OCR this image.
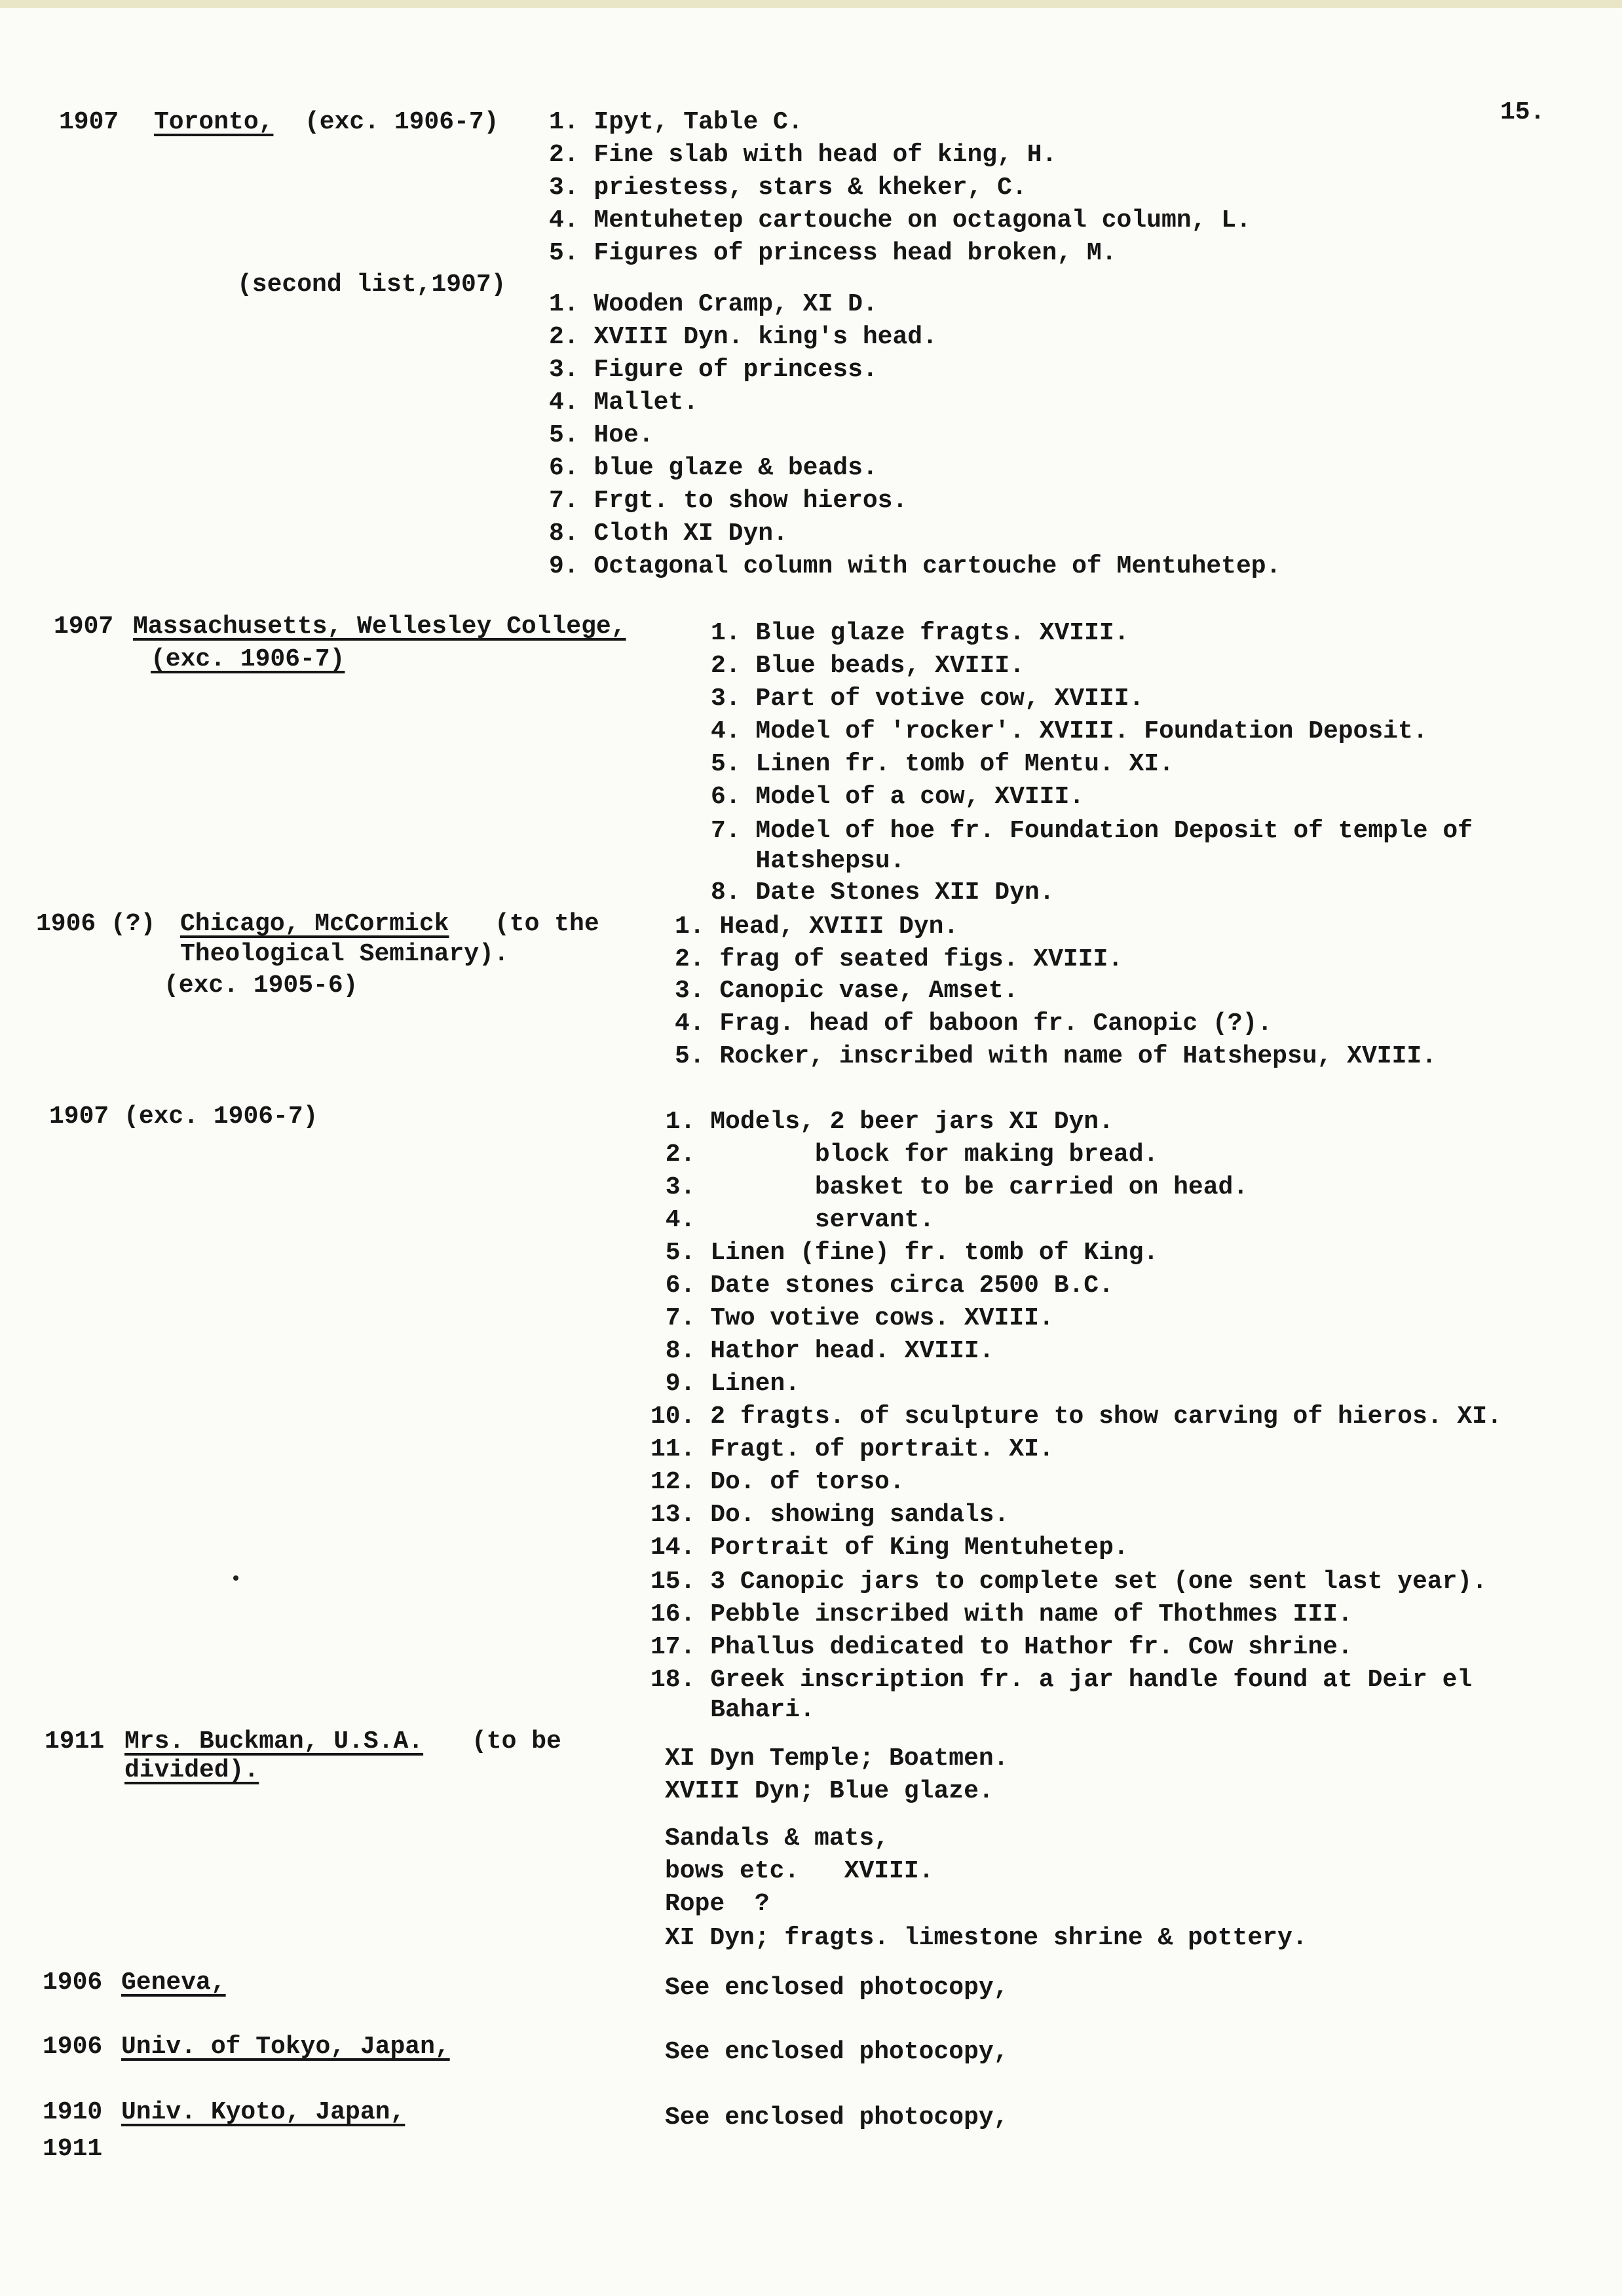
15.
1907 Toronto, (exc. 1906-7) 1. Ipyt, Table C.
2. Fine slab with head of king, H.
3. priestess, stars & kheker, C.
4. Mentuhetep cartouche on octagonal column, L.
5. Figures of princess head broken, M.
(second list,1907)
1. Wooden Cramp, XI D.
2. XVIII Dyn. king's head.
3. Figure of princess.
4. Mallet.
5. Hoe.
6. blue glaze & beads.
7. Frgt. to show hieros.
8. Cloth XI Dyn.
9. Octagonal column with cartouche of Mentuhetep.
1907 Massachusetts, Wellesley College,
(exc. 1906-7)
1. Blue glaze fragts. XVIII.
2. Blue beads, XVIII.
3. Part of votive cow, XVIII.
4. Model of 'rocker'. XVIII. Foundation Deposit.
5. Linen fr. tomb of Mentu. XI.
6. Model of a cow, XVIII.
7. Model of hoe fr. Foundation Deposit of temple of
Hatshepsu.
8. Date Stones XII Dyn.
1906 (?) Chicago, McCormick (to the
Theological Seminary).
(exc. 1905-6)
1. Head, XVIII Dyn.
2. frag of seated figs. XVIII.
3. Canopic vase, Amset.
4. Frag. head of baboon fr. Canopic (?).
5. Rocker, inscribed with name of Hatshepsu, XVIII.
1907 (exc. 1906-7)	1. Models, 2 beer jars XI Dyn.
2.        block for making bread.
3.        basket to be carried on head.
4.        servant.
5. Linen (fine) fr. tomb of King.
6. Date stones circa 2500 B.C.
7. Two votive cows. XVIII.
8. Hathor head. XVIII.
9. Linen.
10. 2 fragts. of sculpture to show carving of hieros. XI.
11. Fragt. of portrait. XI.
12. Do. of torso.
13. Do. showing sandals.
14. Portrait of King Mentuhetep.
15. 3 Canopic jars to complete set (one sent last year).
16. Pebble inscribed with name of Thothmes III.
17. Phallus dedicated to Hathor fr. Cow shrine.
18. Greek inscription fr. a jar handle found at Deir el
Bahari.
1911 Mrs. Buckman, U.S.A. (to be
divided).	XI Dyn Temple; Boatmen.
XVIII Dyn; Blue glaze.
Sandals & mats,
bows etc.   XVIII.
Rope  ?
XI Dyn; fragts. limestone shrine & pottery.
1906 Geneva,	See enclosed photocopy,
1906 Univ. of Tokyo, Japan,	See enclosed photocopy,
1910 Univ. Kyoto, Japan,	See enclosed photocopy,
1911
